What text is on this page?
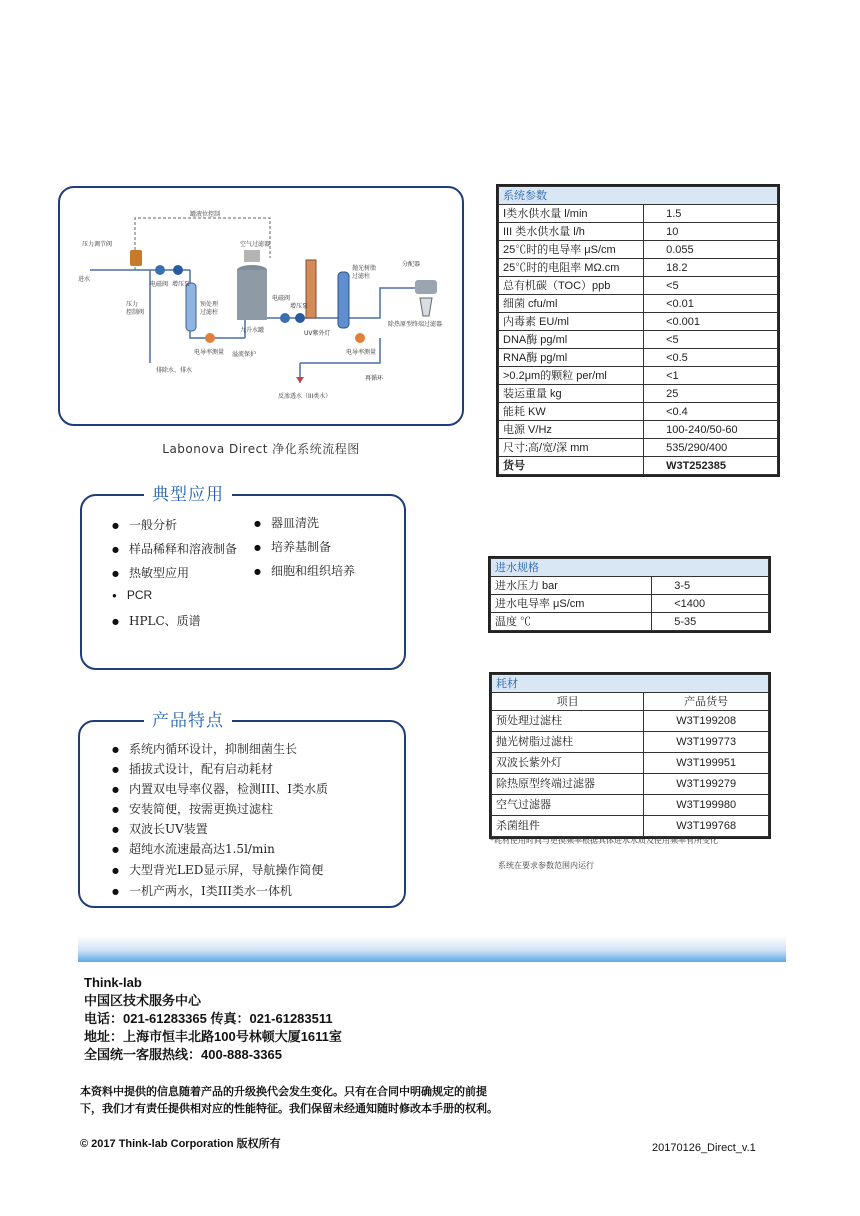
压力调节阀
进水
电磁阀 增压泵
压力
控制阀
罐液位控制
预处理
过滤柱
电导率测量
排除水、排水
空气过滤器
九升水罐
溢流保护
电磁阀
增压泵
UV紫外灯
抛光树脂
过滤柱
电导率测量
分配器
除热原型终端过滤器
再循环
反渗透水（III类水）
Labonova Direct 净化系统流程图
典型应用
● 一般分析
● 样品稀释和溶液制备
● 热敏型应用
● PCR
● HPLC、质谱
● 器皿清洗
● 培养基制备
● 细胞和组织培养
产品特点
● 系统内循环设计，抑制细菌生长
● 插拔式设计，配有启动耗材
● 内置双电导率仪器，检测III、I类水质
● 安装简便，按需更换过滤柱
● 双波长UV装置
● 超纯水流速最高达1.5l/min
● 大型背光LED显示屏，导航操作简便
● 一机产两水，I类III类水一体机
系统参数	
Ⅰ类水供水量 l/min	1.5
III 类水供水量 l/h	10
25℃时的电导率 μS/cm	0.055
25℃时的电阻率 MΩ.cm	18.2
总有机碳（TOC）ppb	<5
细菌 cfu/ml	<0.01
内毒素 EU/ml	<0.001
DNA酶 pg/ml	<5
RNA酶 pg/ml	<0.5
>0.2μm的颗粒 per/ml	<1
装运重量 kg	25
能耗 KW	<0.4
电源 V/Hz	100-240/50-60
尺寸:高/宽/深 mm	535/290/400
货号	W3T252385
进水规格	
进水压力 bar	3-5
进水电导率 μS/cm	<1400
温度 ℃	5-35
耗材	
项目	产品货号
预处理过滤柱	W3T199208
抛光树脂过滤柱	W3T199773
双波长紫外灯	W3T199951
除热原型终端过滤器	W3T199279
空气过滤器	W3T199980
杀菌组件	W3T199768
*耗材使用时间与更换频率根据具体进水水质及使用频率有所变化
系统在要求参数范围内运行
Think-lab
中国区技术服务中心
电话：021-61283365 传真：021-61283511
地址：上海市恒丰北路100号林顿大厦1611室
全国统一客服热线：400-888-3365
本资料中提供的信息随着产品的升级换代会发生变化。只有在合同中明确规定的前提
下，我们才有责任提供相对应的性能特征。我们保留未经通知随时修改本手册的权利。
© 2017 Think-lab Corporation 版权所有	20170126_Direct_v.1
